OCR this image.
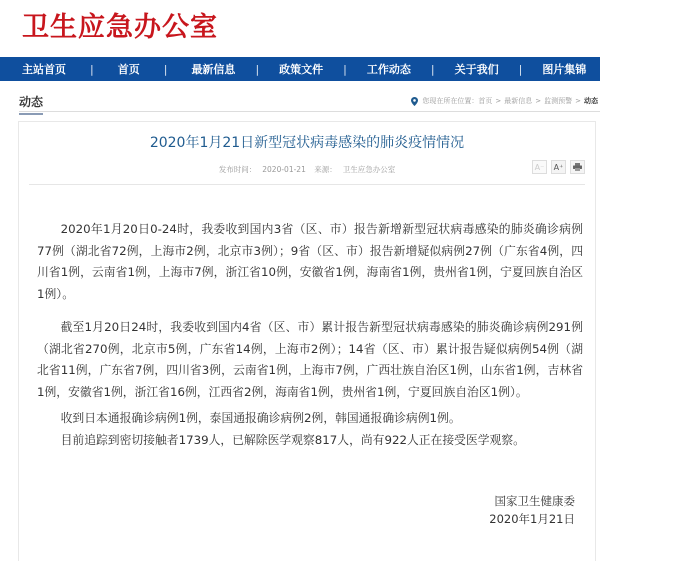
卫生应急办公室
主站首页 | 首页 | 最新信息 | 政策文件 | 工作动态 | 关于我们 | 图片集锦 | 专题专栏
动态	您现在所在位置： 首页 > 最新信息 > 监测预警 > 动态
2020年1月21日新型冠状病毒感染的肺炎疫情情况
发布时间： 2020-01-21 来源： 卫生应急办公室	A⁻	A⁺

2020年1月20日0-24时，我委收到国内3省（区、市）报告新增新型冠状病毒感染的肺炎确诊病例77例（湖北省72例，上海市2例，北京市3例）；9省（区、市）报告新增疑似病例27例（广东省4例，四川省1例，云南省1例，上海市7例，浙江省10例，安徽省1例，海南省1例，贵州省1例，宁夏回族自治区1例）。

截至1月20日24时，我委收到国内4省（区、市）累计报告新型冠状病毒感染的肺炎确诊病例291例（湖北省270例，北京市5例，广东省14例，上海市2例）；14省（区、市）累计报告疑似病例54例（湖北省11例，广东省7例，四川省3例，云南省1例，上海市7例，广西壮族自治区1例，山东省1例，吉林省1例，安徽省1例，浙江省16例，江西省2例，海南省1例，贵州省1例，宁夏回族自治区1例）。

收到日本通报确诊病例1例，泰国通报确诊病例2例，韩国通报确诊病例1例。

目前追踪到密切接触者1739人，已解除医学观察817人，尚有922人正在接受医学观察。

国家卫生健康委
2020年1月21日
